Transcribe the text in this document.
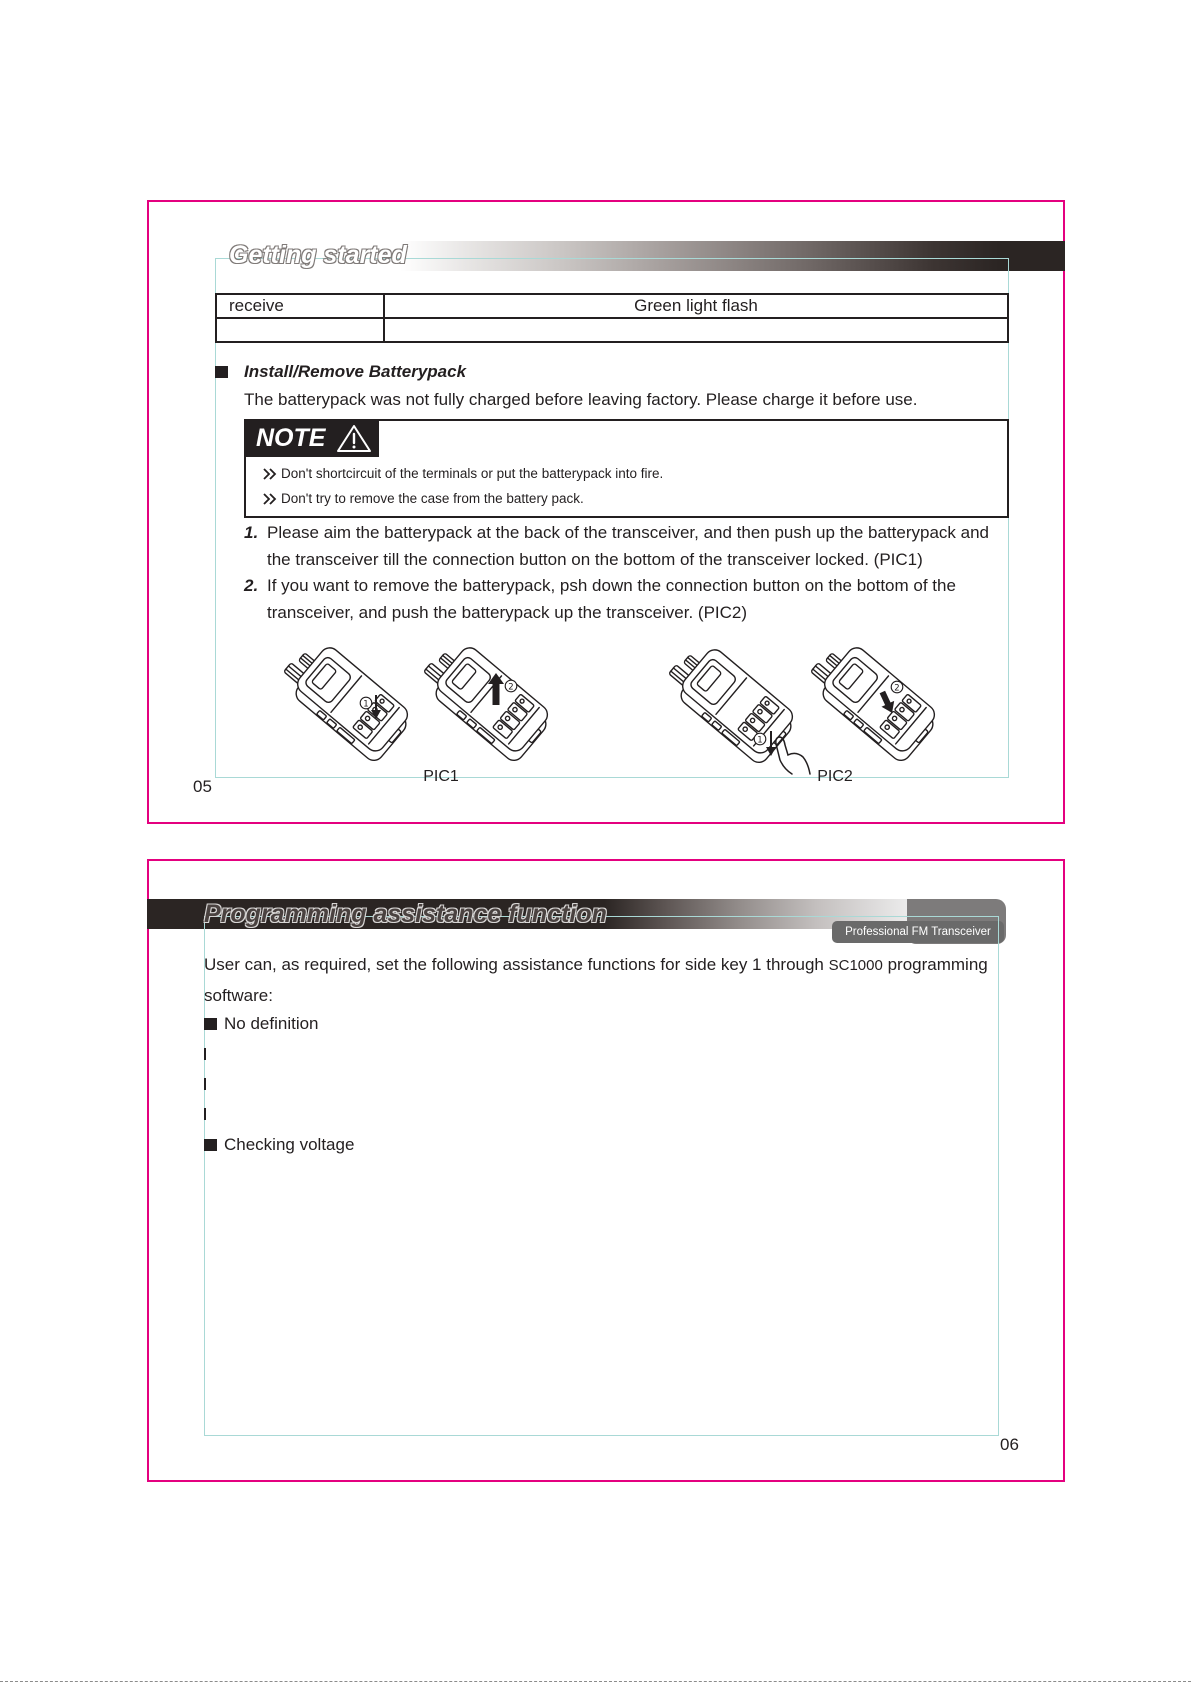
Getting started
receive	Green light flash

Install/Remove Batterypack
The batterypack was not fully charged before leaving factory. Please charge it before use.
NOTE
Don't shortcircuit of the terminals or put the batterypack into fire.
Don't try to remove the case from the battery pack.
1. Please aim the batterypack at the back of the transceiver, and then push up the batterypack and the transceiver till the connection button on the bottom of the transceiver locked. (PIC1)
2. If you want to remove the batterypack, psh down the connection button on the bottom of the transceiver, and push the batterypack up the transceiver. (PIC2)
1
2
1
2
PIC1	PIC2
05
Professional FM Transceiver
Programming assistance function
User can, as required, set the following assistance functions for side key 1 through SC1000 programming software:
No definition
Checking voltage
06
